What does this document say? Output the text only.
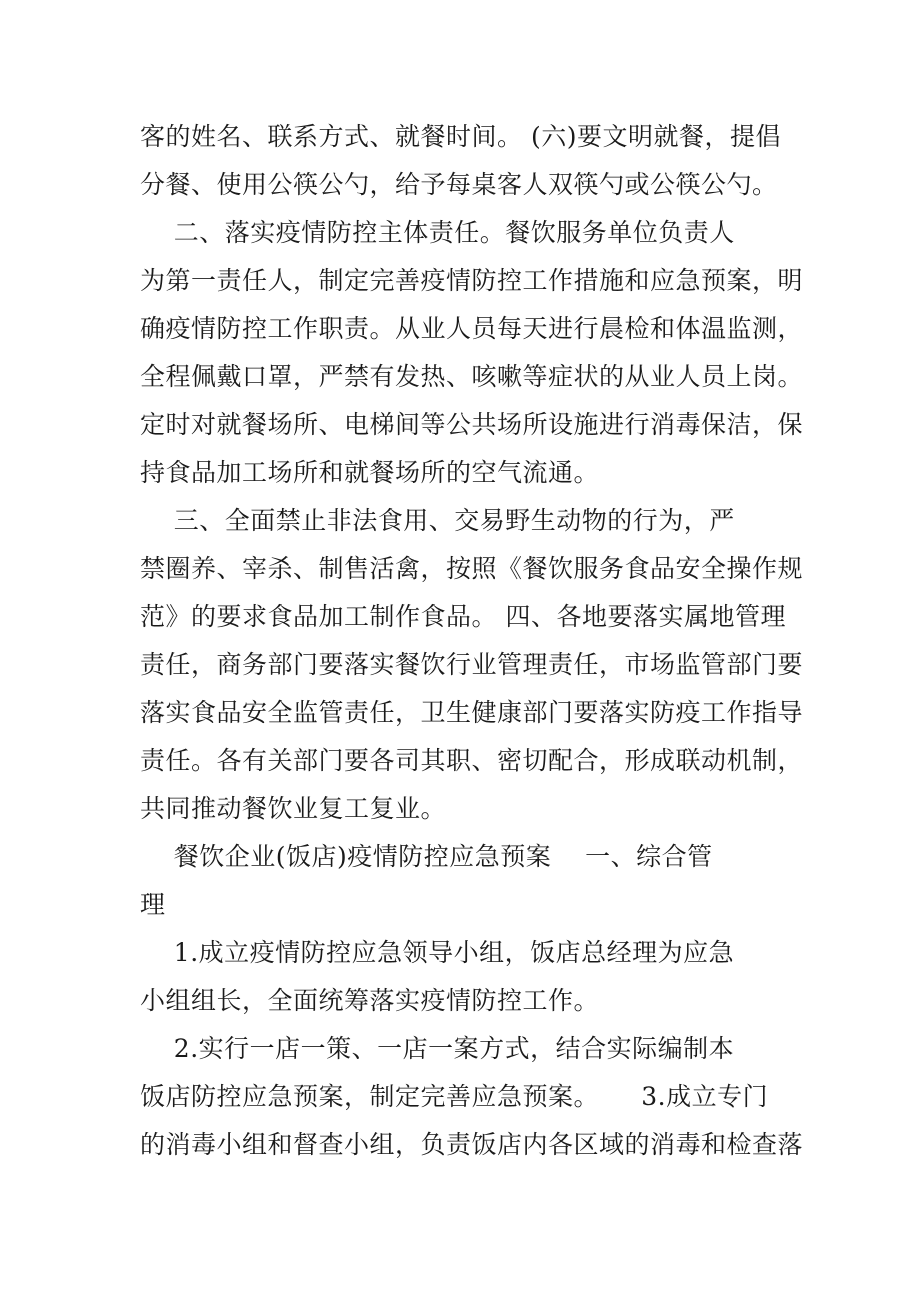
客的姓名、联系方式、就餐时间。 (六)要文明就餐，提倡
分餐、使用公筷公勺，给予每桌客人双筷勺或公筷公勺。
二、落实疫情防控主体责任。餐饮服务单位负责人
为第一责任人，制定完善疫情防控工作措施和应急预案，明
确疫情防控工作职责。从业人员每天进行晨检和体温监测，
全程佩戴口罩，严禁有发热、咳嗽等症状的从业人员上岗。
定时对就餐场所、电梯间等公共场所设施进行消毒保洁，保
持食品加工场所和就餐场所的空气流通。
三、全面禁止非法食用、交易野生动物的行为，严
禁圈养、宰杀、制售活禽，按照《餐饮服务食品安全操作规
范》的要求食品加工制作食品。 四、各地要落实属地管理
责任，商务部门要落实餐饮行业管理责任，市场监管部门要
落实食品安全监管责任，卫生健康部门要落实防疫工作指导
责任。各有关部门要各司其职、密切配合，形成联动机制，
共同推动餐饮业复工复业。
餐饮企业(饭店)疫情防控应急预案    一、综合管
理
1.成立疫情防控应急领导小组，饭店总经理为应急
小组组长，全面统筹落实疫情防控工作。
2.实行一店一策、一店一案方式，结合实际编制本
饭店防控应急预案，制定完善应急预案。     3.成立专门
的消毒小组和督查小组，负责饭店内各区域的消毒和检查落
